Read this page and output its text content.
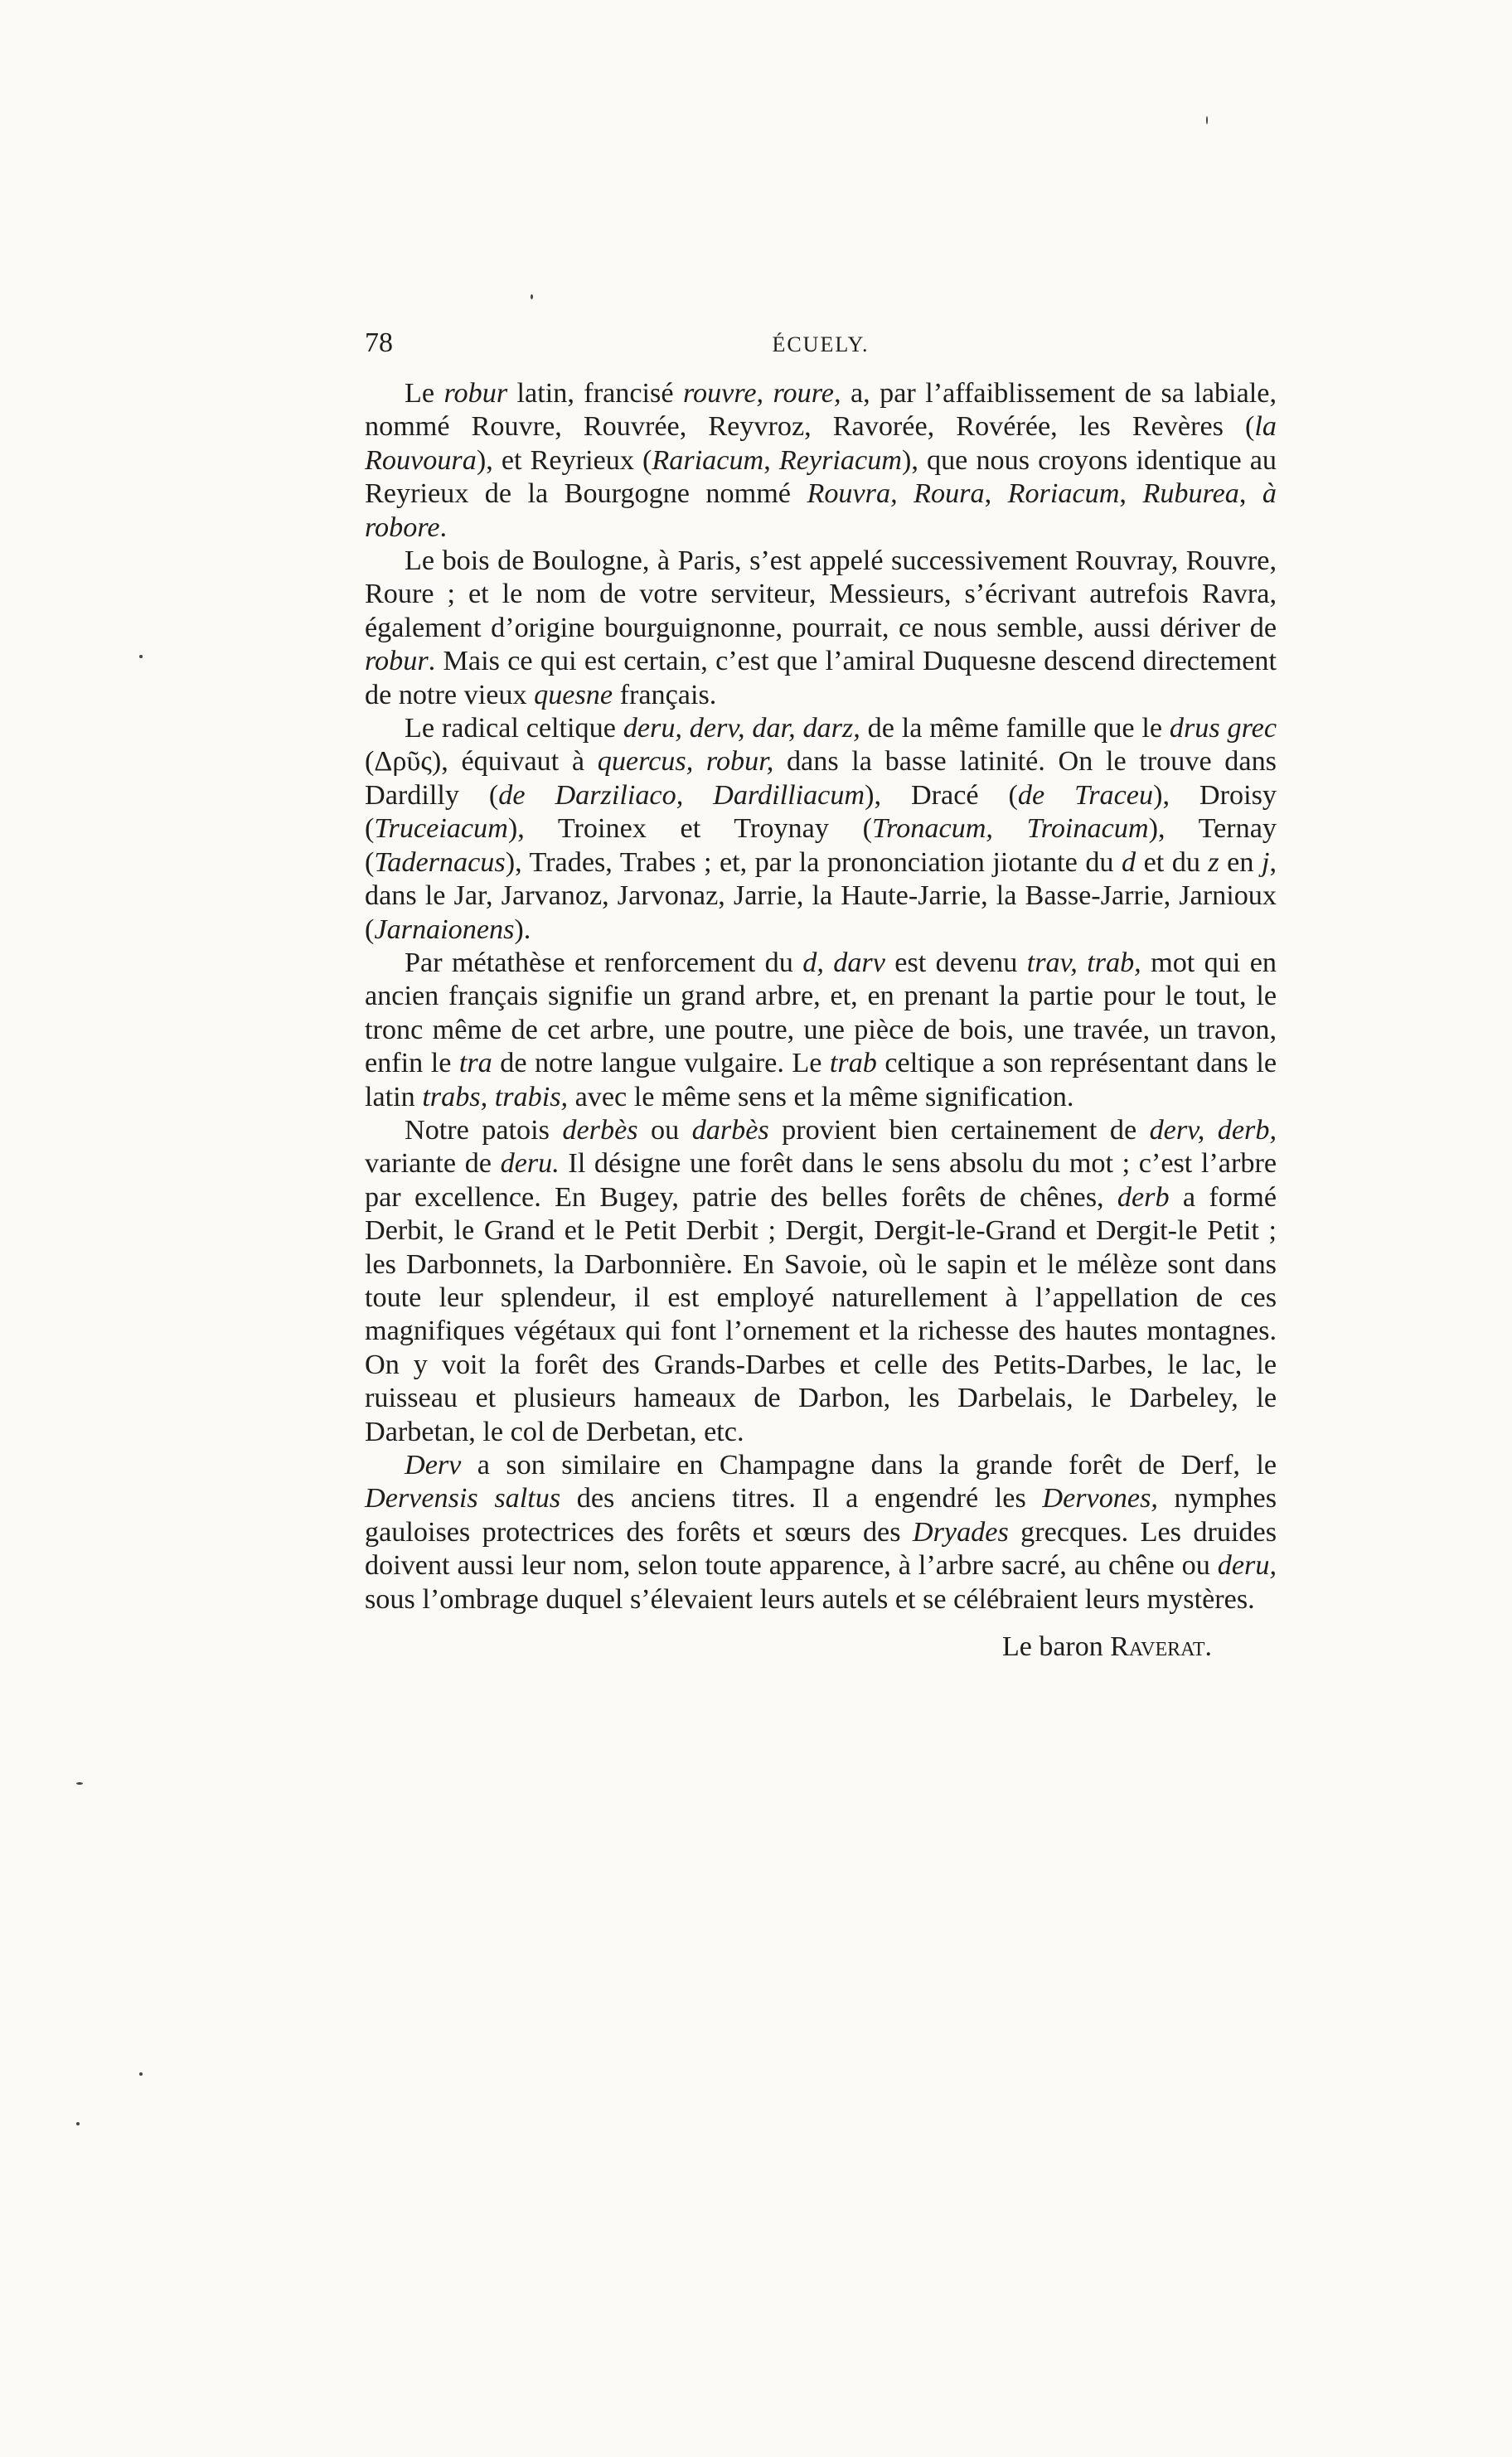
78	ÉCUELY.

Le robur latin, francisé rouvre, roure, a, par l’affaiblissement de sa labiale, nommé Rouvre, Rouvrée, Reyvroz, Ravorée, Rovérée, les Revères (la Rouvoura), et Reyrieux (Rariacum, Reyriacum), que nous croyons identique au Reyrieux de la Bourgogne nommé Rouvra, Roura, Roriacum, Ruburea, à robore.

Le bois de Boulogne, à Paris, s’est appelé successivement Rouvray, Rouvre, Roure ; et le nom de votre serviteur, Messieurs, s’écrivant autrefois Ravra, également d’origine bourguignonne, pourrait, ce nous semble, aussi dériver de robur. Mais ce qui est certain, c’est que l’amiral Duquesne descend directement de notre vieux quesne français.

Le radical celtique deru, derv, dar, darz, de la même famille que le drus grec (Δρῦς), équivaut à quercus, robur, dans la basse latinité. On le trouve dans Dardilly (de Darziliaco, Dardilliacum), Dracé (de Traceu), Droisy (Truceiacum), Troinex et Troynay (Tronacum, Troinacum), Ternay (Tadernacus), Trades, Trabes ; et, par la prononciation jiotante du d et du z en j, dans le Jar, Jarvanoz, Jarvonaz, Jarrie, la Haute-Jarrie, la Basse-Jarrie, Jarnioux (Jarnaionens).

Par métathèse et renforcement du d, darv est devenu trav, trab, mot qui en ancien français signifie un grand arbre, et, en prenant la partie pour le tout, le tronc même de cet arbre, une poutre, une pièce de bois, une travée, un travon, enfin le tra de notre langue vulgaire. Le trab celtique a son représentant dans le latin trabs, trabis, avec le même sens et la même signification.

Notre patois derbès ou darbès provient bien certainement de derv, derb, variante de deru. Il désigne une forêt dans le sens absolu du mot ; c’est l’arbre par excellence. En Bugey, patrie des belles forêts de chênes, derb a formé Derbit, le Grand et le Petit Derbit ; Dergit, Dergit-le-Grand et Dergit-le Petit ; les Darbonnets, la Darbonnière. En Savoie, où le sapin et le mélèze sont dans toute leur splendeur, il est employé naturellement à l’appellation de ces magnifiques végétaux qui font l’ornement et la richesse des hautes montagnes. On y voit la forêt des Grands-Darbes et celle des Petits-Darbes, le lac, le ruisseau et plusieurs hameaux de Darbon, les Darbelais, le Darbeley, le Darbetan, le col de Derbetan, etc.

Derv a son similaire en Champagne dans la grande forêt de Derf, le Dervensis saltus des anciens titres. Il a engendré les Dervones, nymphes gauloises protectrices des forêts et sœurs des Dryades grecques. Les druides doivent aussi leur nom, selon toute apparence, à l’arbre sacré, au chêne ou deru, sous l’ombrage duquel s’élevaient leurs autels et se célébraient leurs mystères.

Le baron Raverat.
